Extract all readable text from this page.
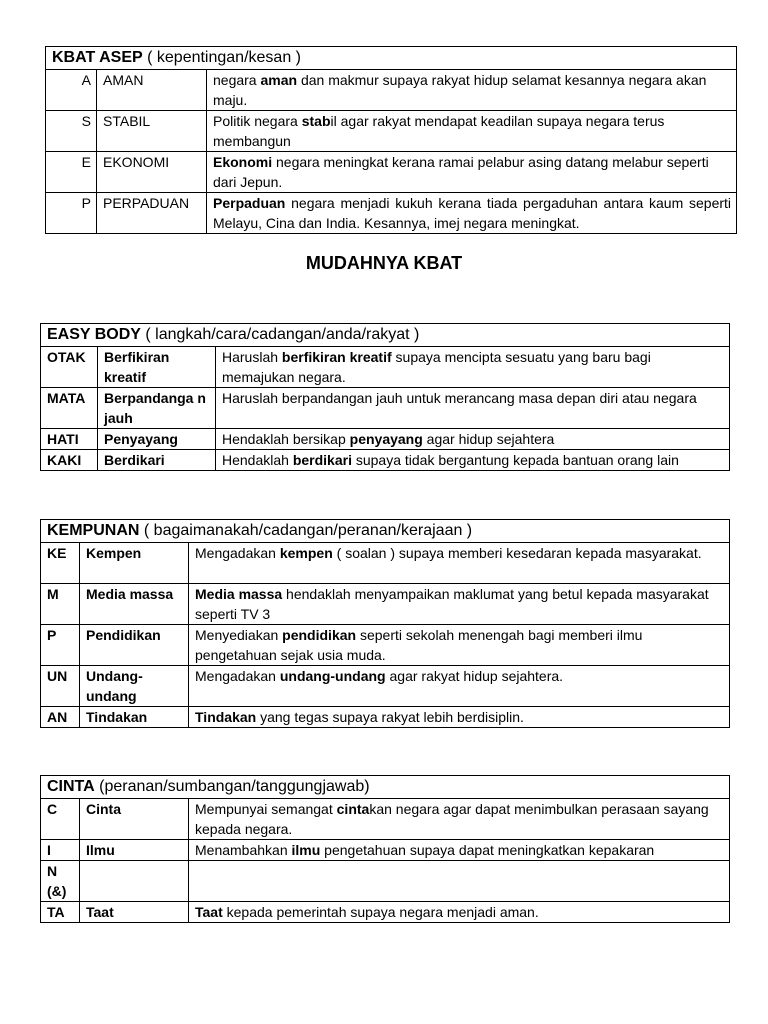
KBAT ASEP ( kepentingan/kesan )		
A	AMAN	negara aman dan makmur supaya rakyat hidup selamat kesannya negara akan maju.
S	STABIL	Politik negara stabil agar rakyat mendapat keadilan supaya negara terus membangun
E	EKONOMI	Ekonomi negara meningkat kerana ramai pelabur asing datang melabur seperti dari Jepun.
P	PERPADUAN	Perpaduan negara menjadi kukuh kerana tiada pergaduhan antara kaum seperti Melayu, Cina dan India. Kesannya, imej negara meningkat.
MUDAHNYA KBAT
EASY BODY ( langkah/cara/cadangan/anda/rakyat )		
OTAK	Berfikiran kreatif	Haruslah berfikiran kreatif supaya mencipta sesuatu yang baru bagi memajukan negara.
MATA	Berpandanga n jauh	Haruslah berpandangan jauh untuk merancang masa depan diri atau negara
HATI	Penyayang	Hendaklah bersikap penyayang agar hidup sejahtera
KAKI	Berdikari	Hendaklah berdikari supaya tidak bergantung kepada bantuan orang lain
KEMPUNAN ( bagaimanakah/cadangan/peranan/kerajaan )		
KE	Kempen	Mengadakan kempen ( soalan ) supaya memberi kesedaran kepada masyarakat.
M	Media massa	Media massa hendaklah menyampaikan maklumat yang betul kepada masyarakat seperti TV 3
P	Pendidikan	Menyediakan pendidikan seperti sekolah menengah bagi memberi ilmu pengetahuan sejak usia muda.
UN	Undang-undang	Mengadakan undang-undang agar rakyat hidup sejahtera.
AN	Tindakan	Tindakan yang tegas supaya rakyat lebih berdisiplin.
CINTA (peranan/sumbangan/tanggungjawab)		
C	Cinta	Mempunyai semangat cintakan negara agar dapat menimbulkan perasaan sayang kepada negara.
I	Ilmu	Menambahkan ilmu pengetahuan supaya dapat meningkatkan kepakaran
N (&)		
TA	Taat	Taat kepada pemerintah supaya negara menjadi aman.
